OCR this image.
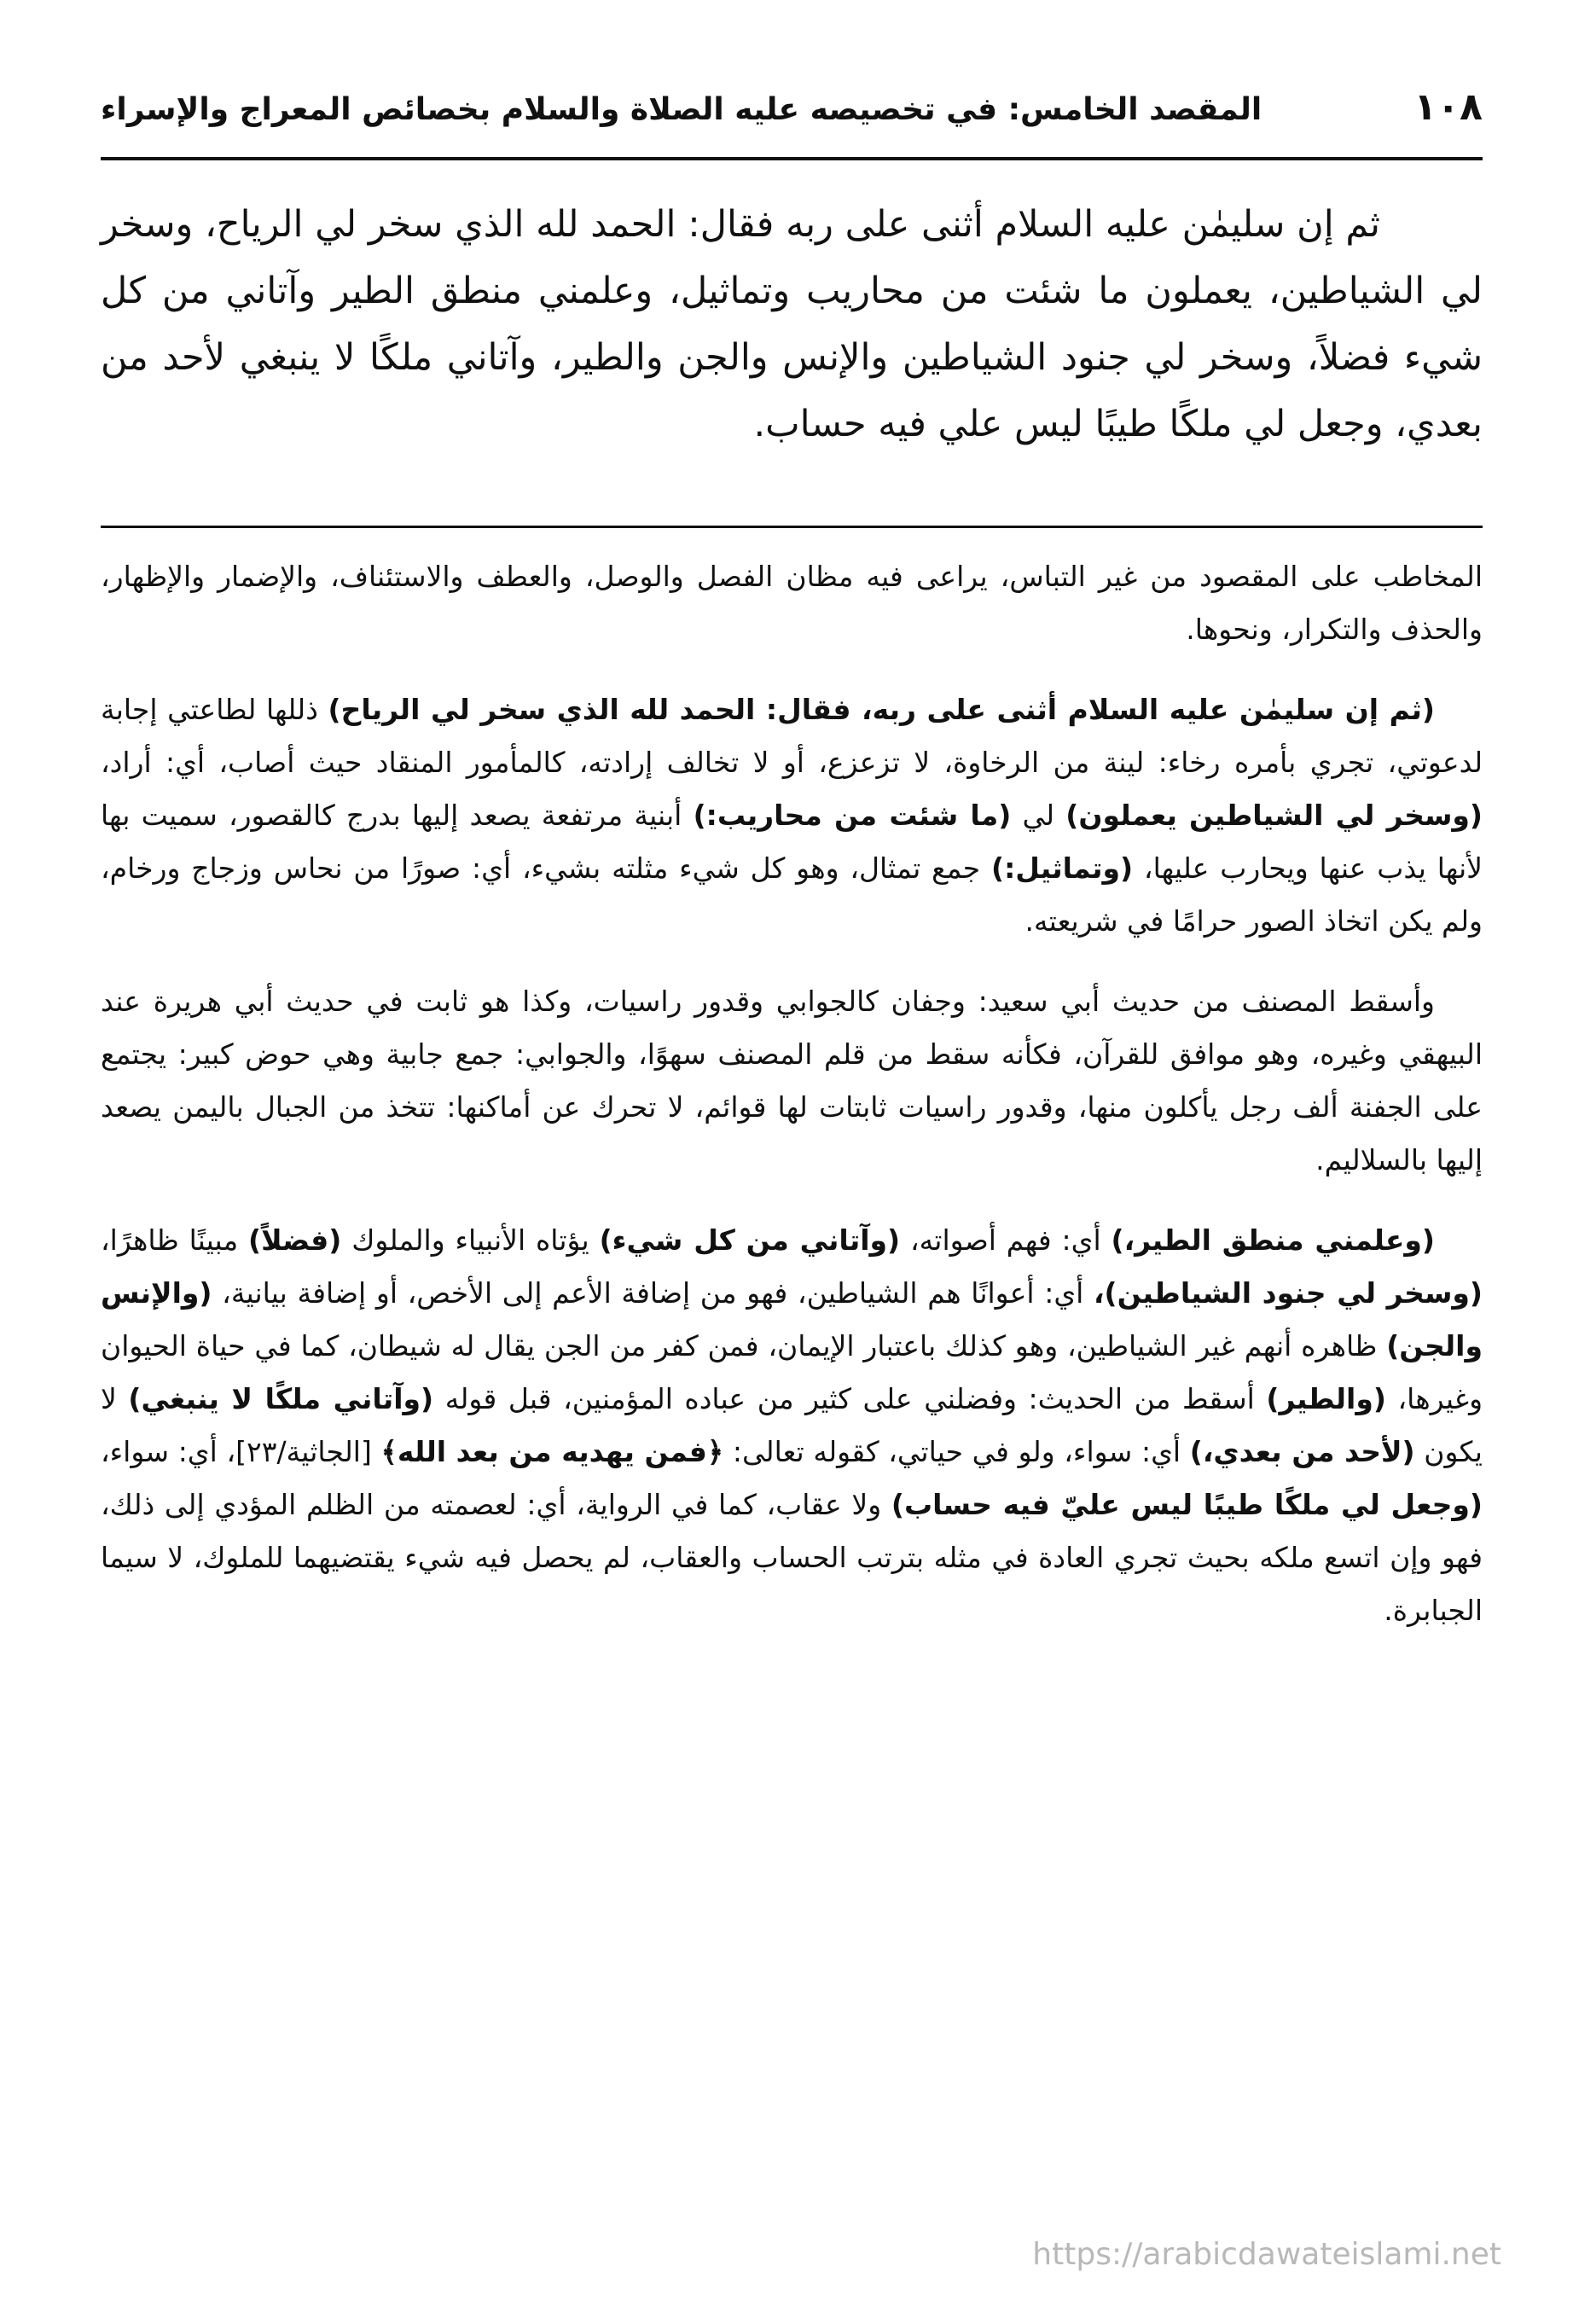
١٠٨
المقصد الخامس: في تخصيصه عليه الصلاة والسلام بخصائص المعراج والإسراء

ثم إن سليمٰن عليه السلام أثنى على ربه فقال: الحمد لله الذي سخر لي الرياح، وسخر لي الشياطين، يعملون ما شئت من محاريب وتماثيل، وعلمني منطق الطير وآتاني من كل شيء فضلاً، وسخر لي جنود الشياطين والإنس والجن والطير، وآتاني ملكًا لا ينبغي لأحد من بعدي، وجعل لي ملكًا طيبًا ليس علي فيه حساب.

المخاطب على المقصود من غير التباس، يراعى فيه مظان الفصل والوصل، والعطف والاستئناف، والإضمار والإظهار، والحذف والتكرار، ونحوها.

(ثم إن سليمٰن عليه السلام أثنى على ربه، فقال: الحمد لله الذي سخر لي الرياح) ذللها لطاعتي إجابة لدعوتي، تجري بأمره رخاء: لينة من الرخاوة، لا تزعزع، أو لا تخالف إرادته، كالمأمور المنقاد حيث أصاب، أي: أراد، (وسخر لي الشياطين يعملون) لي (ما شئت من محاريب:) أبنية مرتفعة يصعد إليها بدرج كالقصور، سميت بها لأنها يذب عنها ويحارب عليها، (وتماثيل:) جمع تمثال، وهو كل شيء مثلته بشيء، أي: صورًا من نحاس وزجاج ورخام، ولم يكن اتخاذ الصور حرامًا في شريعته.

وأسقط المصنف من حديث أبي سعيد: وجفان كالجوابي وقدور راسيات، وكذا هو ثابت في حديث أبي هريرة عند البيهقي وغيره، وهو موافق للقرآن، فكأنه سقط من قلم المصنف سهوًا، والجوابي: جمع جابية وهي حوض كبير: يجتمع على الجفنة ألف رجل يأكلون منها، وقدور راسيات ثابتات لها قوائم، لا تحرك عن أماكنها: تتخذ من الجبال باليمن يصعد إليها بالسلاليم.

(وعلمني منطق الطير،) أي: فهم أصواته، (وآتاني من كل شيء) يؤتاه الأنبياء والملوك (فضلاً) مبينًا ظاهرًا، (وسخر لي جنود الشياطين)، أي: أعوانًا هم الشياطين، فهو من إضافة الأعم إلى الأخص، أو إضافة بيانية، (والإنس والجن) ظاهره أنهم غير الشياطين، وهو كذلك باعتبار الإيمان، فمن كفر من الجن يقال له شيطان، كما في حياة الحيوان وغيرها، (والطير) أسقط من الحديث: وفضلني على كثير من عباده المؤمنين، قبل قوله (وآتاني ملكًا لا ينبغي) لا يكون (لأحد من بعدي،) أي: سواء، ولو في حياتي، كقوله تعالى: ﴿فمن يهديه من بعد الله﴾ [الجاثية/٢٣]، أي: سواء، (وجعل لي ملكًا طيبًا ليس عليّ فيه حساب) ولا عقاب، كما في الرواية، أي: لعصمته من الظلم المؤدي إلى ذلك، فهو وإن اتسع ملكه بحيث تجري العادة في مثله بترتب الحساب والعقاب، لم يحصل فيه شيء يقتضيهما للملوك، لا سيما الجبابرة.

https://arabicdawateislami.net
